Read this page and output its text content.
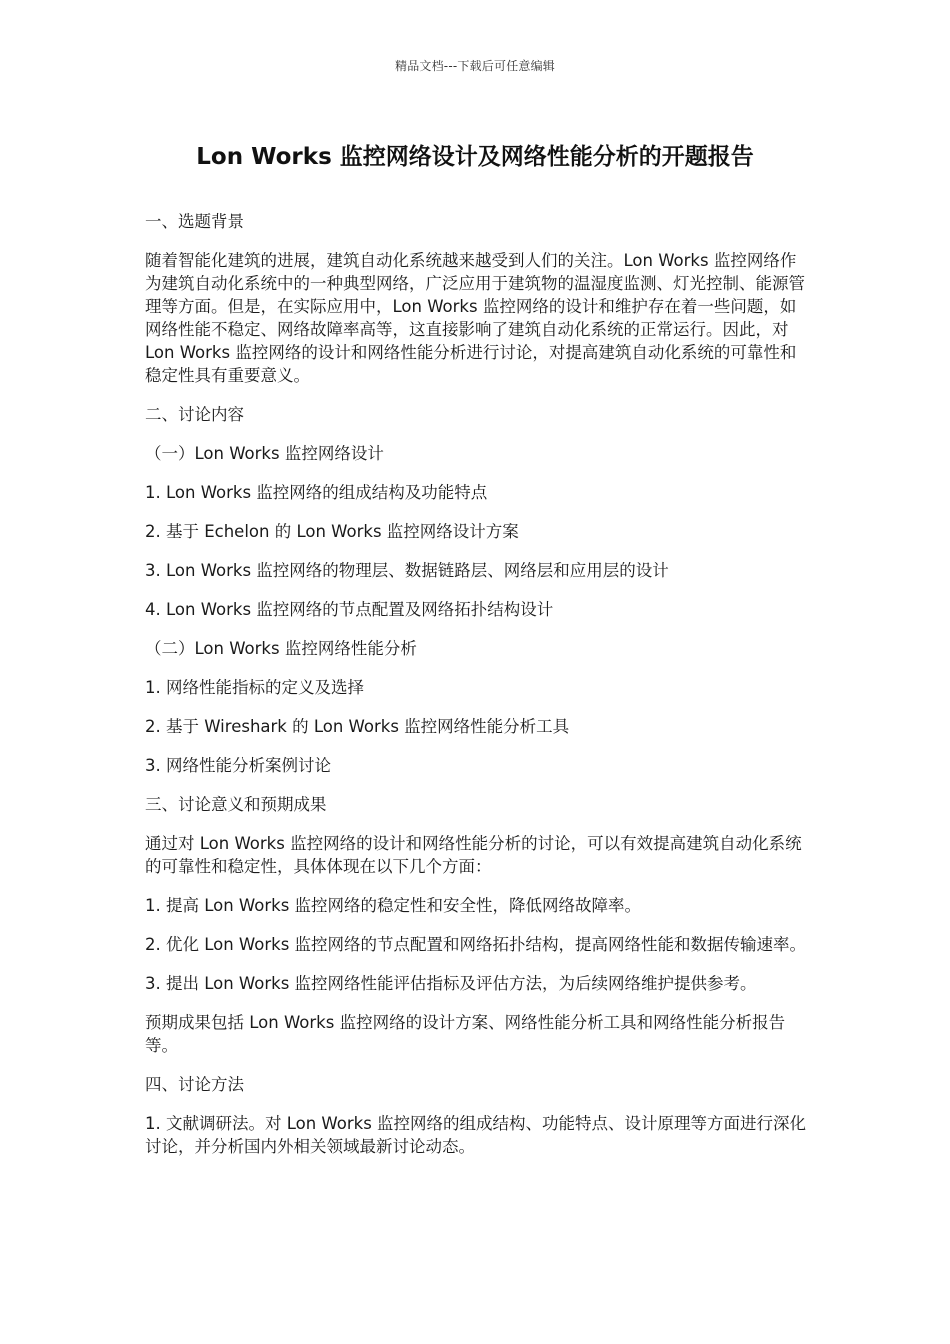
精品文档---下载后可任意编辑
Lon Works 监控网络设计及网络性能分析的开题报告

一、选题背景

随着智能化建筑的进展，建筑自动化系统越来越受到人们的关注。Lon Works 监控网络作为建筑自动化系统中的一种典型网络，广泛应用于建筑物的温湿度监测、灯光控制、能源管理等方面。但是，在实际应用中，Lon Works 监控网络的设计和维护存在着一些问题，如网络性能不稳定、网络故障率高等，这直接影响了建筑自动化系统的正常运行。因此，对 Lon Works 监控网络的设计和网络性能分析进行讨论，对提高建筑自动化系统的可靠性和稳定性具有重要意义。

二、讨论内容

（一）Lon Works 监控网络设计

1. Lon Works 监控网络的组成结构及功能特点

2. 基于 Echelon 的 Lon Works 监控网络设计方案

3. Lon Works 监控网络的物理层、数据链路层、网络层和应用层的设计

4. Lon Works 监控网络的节点配置及网络拓扑结构设计

（二）Lon Works 监控网络性能分析

1. 网络性能指标的定义及选择

2. 基于 Wireshark 的 Lon Works 监控网络性能分析工具

3. 网络性能分析案例讨论

三、讨论意义和预期成果

通过对 Lon Works 监控网络的设计和网络性能分析的讨论，可以有效提高建筑自动化系统的可靠性和稳定性，具体体现在以下几个方面：

1. 提高 Lon Works 监控网络的稳定性和安全性，降低网络故障率。

2. 优化 Lon Works 监控网络的节点配置和网络拓扑结构，提高网络性能和数据传输速率。

3. 提出 Lon Works 监控网络性能评估指标及评估方法，为后续网络维护提供参考。

预期成果包括 Lon Works 监控网络的设计方案、网络性能分析工具和网络性能分析报告等。

四、讨论方法

1. 文献调研法。对 Lon Works 监控网络的组成结构、功能特点、设计原理等方面进行深化讨论，并分析国内外相关领域最新讨论动态。
